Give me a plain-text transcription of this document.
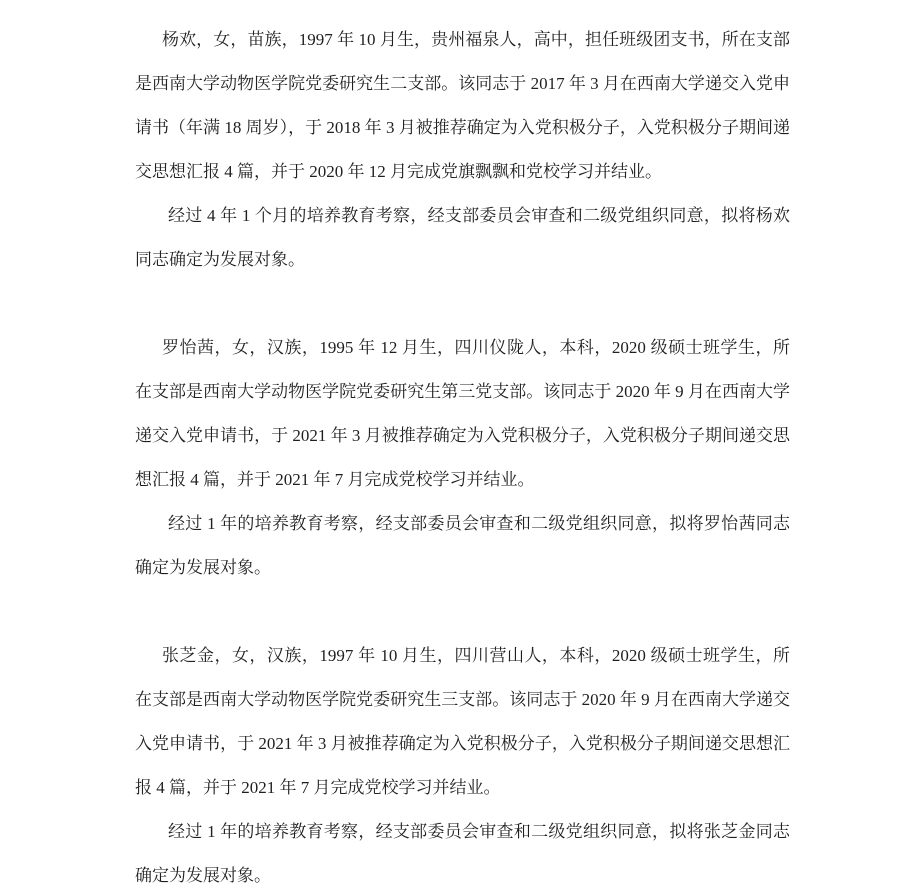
杨欢，女，苗族，1997 年 10 月生，贵州福泉人，高中，担任班级团支书，所在支部是西南大学动物医学院党委研究生二支部。该同志于 2017 年 3 月在西南大学递交入党申请书（年满 18 周岁），于 2018 年 3 月被推荐确定为入党积极分子，入党积极分子期间递交思想汇报 4 篇，并于 2020 年 12 月完成党旗飘飘和党校学习并结业。

经过 4 年 1 个月的培养教育考察，经支部委员会审查和二级党组织同意，拟将杨欢同志确定为发展对象。

罗怡茜，女，汉族，1995 年 12 月生，四川仪陇人，本科，2020 级硕士班学生，所在支部是西南大学动物医学院党委研究生第三党支部。该同志于 2020 年 9 月在西南大学递交入党申请书，于 2021 年 3 月被推荐确定为入党积极分子，入党积极分子期间递交思想汇报 4 篇，并于 2021 年 7 月完成党校学习并结业。

经过 1 年的培养教育考察，经支部委员会审查和二级党组织同意，拟将罗怡茜同志确定为发展对象。

张芝金，女，汉族，1997 年 10 月生，四川营山人，本科，2020 级硕士班学生，所在支部是西南大学动物医学院党委研究生三支部。该同志于 2020 年 9 月在西南大学递交入党申请书，于 2021 年 3 月被推荐确定为入党积极分子，入党积极分子期间递交思想汇报 4 篇，并于 2021 年 7 月完成党校学习并结业。

经过 1 年的培养教育考察，经支部委员会审查和二级党组织同意，拟将张芝金同志确定为发展对象。
